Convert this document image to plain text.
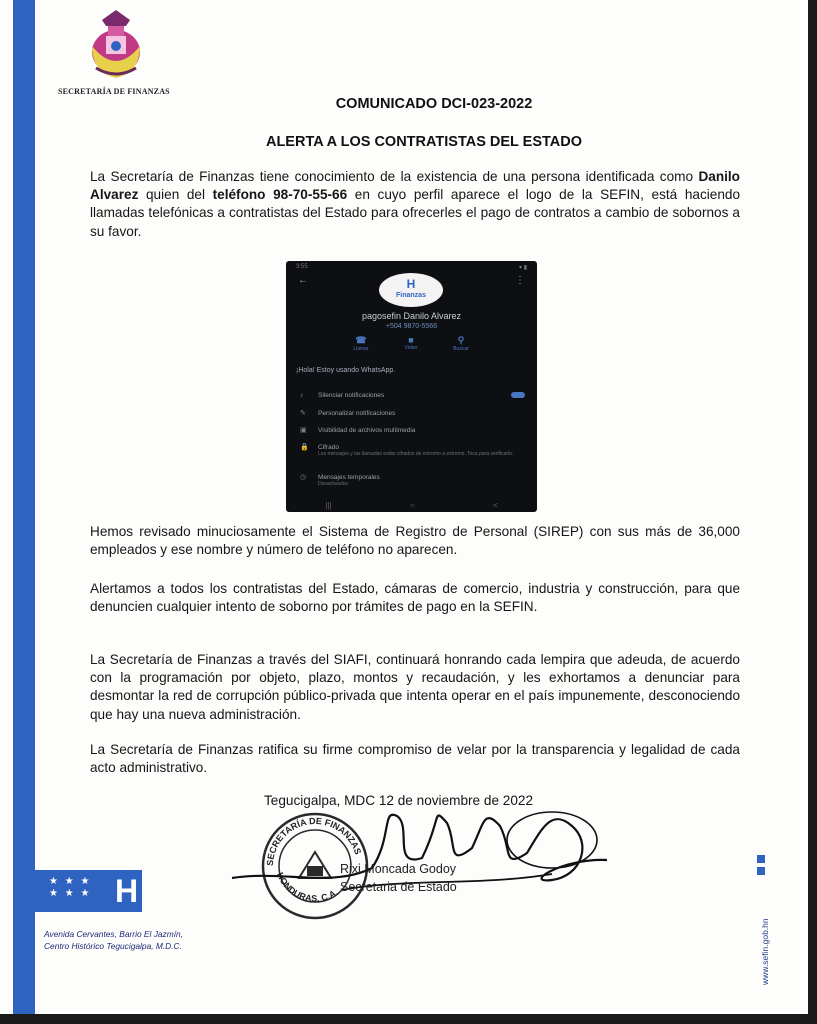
SECRETARÍA DE FINANZAS
COMUNICADO DCI-023-2022
ALERTA A LOS CONTRATISTAS DEL ESTADO

La Secretaría de Finanzas tiene conocimiento de la existencia de una persona identificada como Danilo Alvarez quien del teléfono 98-70-55-66 en cuyo perfil aparece el logo de la SEFIN, está haciendo llamadas telefónicas a contratistas del Estado para ofrecerles el pago de contratos a cambio de sobornos a su favor.

3:55	▾ ▮
←	⋮
H
Finanzas
pagosefin Danilo Alvarez
+504 9870-5566
☎
Llamar
■
Video
⚲
Buscar
¡Hola! Estoy usando WhatsApp.
♪ Silenciar notificaciones
✎ Personalizar notificaciones
▣ Visibilidad de archivos multimedia
🔒 Cifrado
Los mensajes y las llamadas están cifrados de extremo a extremo. Toca para verificarlo.
◷ Mensajes temporales
Desactivados
|||	○	<

Hemos revisado minuciosamente el Sistema de Registro de Personal (SIREP) con sus más de 36,000 empleados y ese nombre y número de teléfono no aparecen.

Alertamos a todos los contratistas del Estado, cámaras de comercio, industria y construcción, para que denuncien cualquier intento de soborno por trámites de pago en la SEFIN.

La Secretaría de Finanzas a través del SIAFI, continuará honrando cada lempira que adeuda, de acuerdo con la programación por objeto, plazo, montos y recaudación, y les exhortamos a denunciar para desmontar la red de corrupción público-privada que intenta operar en el país impunemente, desconociendo que hay una nueva administración.

La Secretaría de Finanzas ratifica su firme compromiso de velar por la transparencia y legalidad de cada acto administrativo.

Tegucigalpa, MDC 12 de noviembre de 2022
SECRETARÍA DE FINANZAS
HONDURAS, C.A.
Rixi Moncada Godoy
Secretaria de Estado
★ ★ ★
★ ★ ★ H
Avenida Cervantes, Barrio El Jazmín,
Centro Histórico Tegucigalpa, M.D.C.	www.sefin.gob.hn
